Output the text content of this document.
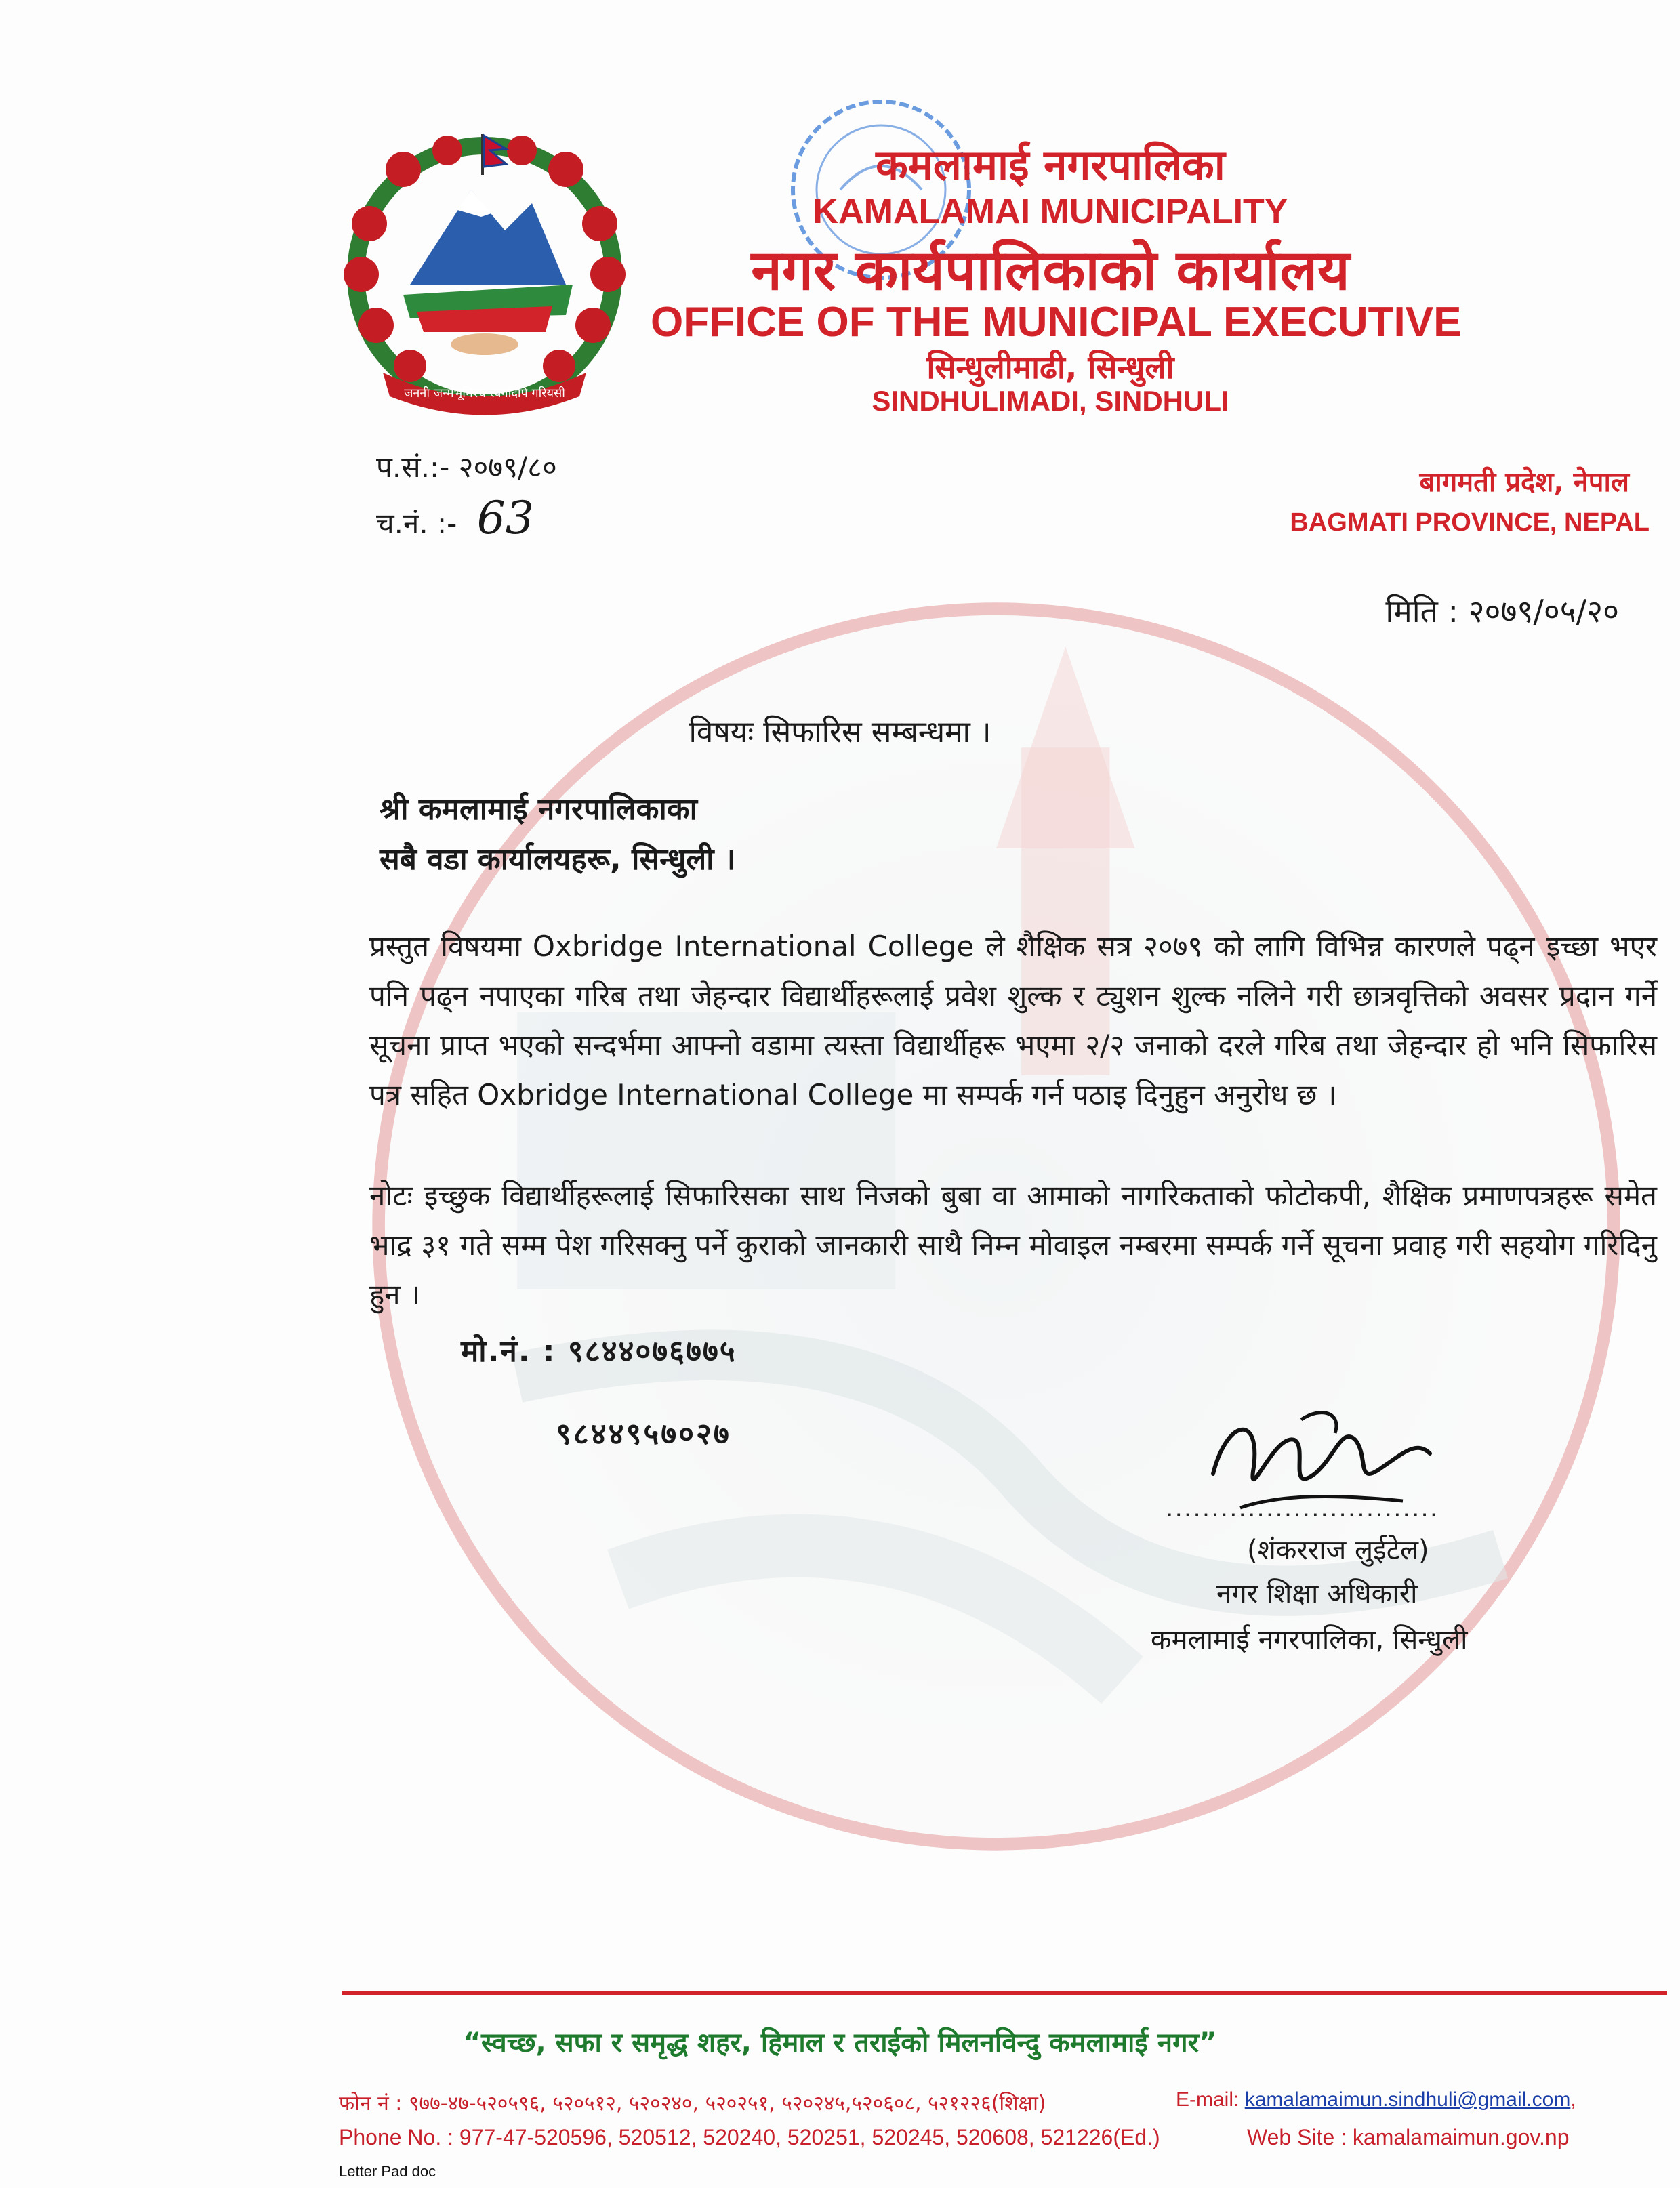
जननी जन्मभूमिश्च स्वर्गादपि गरियसी
कमलामाई नगरपालिका
KAMALAMAI MUNICIPALITY
नगर कार्यपालिकाको कार्यालय
OFFICE OF THE MUNICIPAL EXECUTIVE
सिन्धुलीमाढी, सिन्धुली
SINDHULIMADI, SINDHULI
प.सं.:- २०७९/८०
च.नं. :- 63
बागमती प्रदेश, नेपाल
BAGMATI PROVINCE, NEPAL
मिति : २०७९/०५/२०
विषयः सिफारिस सम्बन्धमा ।
श्री कमलामाई नगरपालिकाका
सबै वडा कार्यालयहरू, सिन्धुली ।
प्रस्तुत विषयमा Oxbridge International College ले शैक्षिक सत्र २०७९ को लागि विभिन्न कारणले पढ्न इच्छा भएर पनि पढ्न नपाएका गरिब तथा जेहन्दार विद्यार्थीहरूलाई प्रवेश शुल्क र ट्युशन शुल्क नलिने गरी छात्रवृत्तिको अवसर प्रदान गर्ने सूचना प्राप्त भएको सन्दर्भमा आफ्नो वडामा त्यस्ता विद्यार्थीहरू भएमा २/२ जनाको दरले गरिब तथा जेहन्दार हो भनि सिफारिस पत्र सहित Oxbridge International College मा सम्पर्क गर्न पठाइ दिनुहुन अनुरोध छ ।
नोटः इच्छुक विद्यार्थीहरूलाई सिफारिसका साथ निजको बुबा वा आमाको नागरिकताको फोटोकपी, शैक्षिक प्रमाणपत्रहरू समेत भाद्र ३१ गते सम्म पेश गरिसक्नु पर्ने कुराको जानकारी साथै निम्न मोवाइल नम्बरमा सम्पर्क गर्ने सूचना प्रवाह गरी सहयोग गरिदिनु हुन ।
मो.नं. : ९८४४०७६७७५
९८४४९५७०२७
..............................
(शंकरराज लुईटेल)
नगर शिक्षा अधिकारी
कमलामाई नगरपालिका, सिन्धुली
“स्वच्छ, सफा र समृद्ध शहर, हिमाल र तराईको मिलनविन्दु कमलामाई नगर”
फोन नं : ९७७-४७-५२०५९६, ५२०५१२, ५२०२४०, ५२०२५१, ५२०२४५,५२०६०८, ५२१२२६(शिक्षा)	E-mail: kamalamaimun.sindhuli@gmail.com,
Phone No. : 977-47-520596, 520512, 520240, 520251, 520245, 520608, 521226(Ed.)	Web Site : kamalamaimun.gov.np
Letter Pad doc
